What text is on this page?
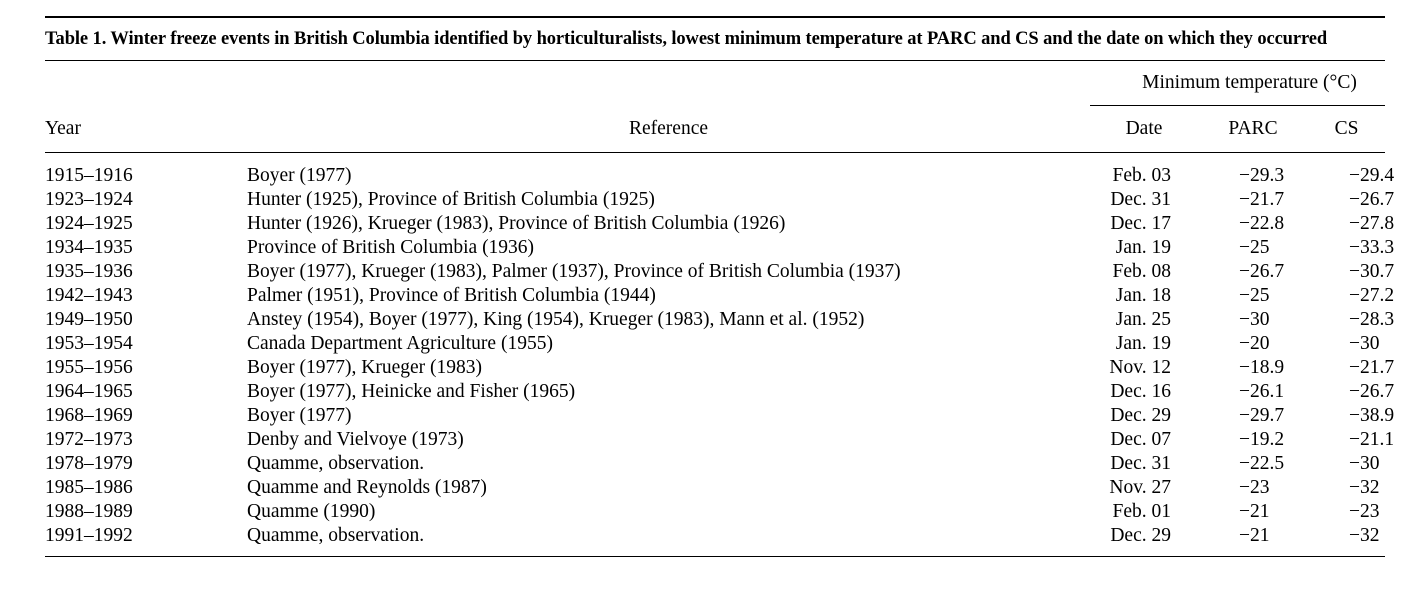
Table 1. Winter freeze events in British Columbia identified by horticulturalists, lowest minimum temperature at PARC and CS and the date on which they occurred
		Minimum temperature (°C)		
Year	Reference	Date	PARC	CS
1915–1916	Boyer (1977)	Feb. 03	−29.3	−29.4
1923–1924	Hunter (1925), Province of British Columbia (1925)	Dec. 31	−21.7	−26.7
1924–1925	Hunter (1926), Krueger (1983), Province of British Columbia (1926)	Dec. 17	−22.8	−27.8
1934–1935	Province of British Columbia (1936)	Jan. 19	−25	−33.3
1935–1936	Boyer (1977), Krueger (1983), Palmer (1937), Province of British Columbia (1937)	Feb. 08	−26.7	−30.7
1942–1943	Palmer (1951), Province of British Columbia (1944)	Jan. 18	−25	−27.2
1949–1950	Anstey (1954), Boyer (1977), King (1954), Krueger (1983), Mann et al. (1952)	Jan. 25	−30	−28.3
1953–1954	Canada Department Agriculture (1955)	Jan. 19	−20	−30
1955–1956	Boyer (1977), Krueger (1983)	Nov. 12	−18.9	−21.7
1964–1965	Boyer (1977), Heinicke and Fisher (1965)	Dec. 16	−26.1	−26.7
1968–1969	Boyer (1977)	Dec. 29	−29.7	−38.9
1972–1973	Denby and Vielvoye (1973)	Dec. 07	−19.2	−21.1
1978–1979	Quamme, observation.	Dec. 31	−22.5	−30
1985–1986	Quamme and Reynolds (1987)	Nov. 27	−23	−32
1988–1989	Quamme (1990)	Feb. 01	−21	−23
1991–1992	Quamme, observation.	Dec. 29	−21	−32
